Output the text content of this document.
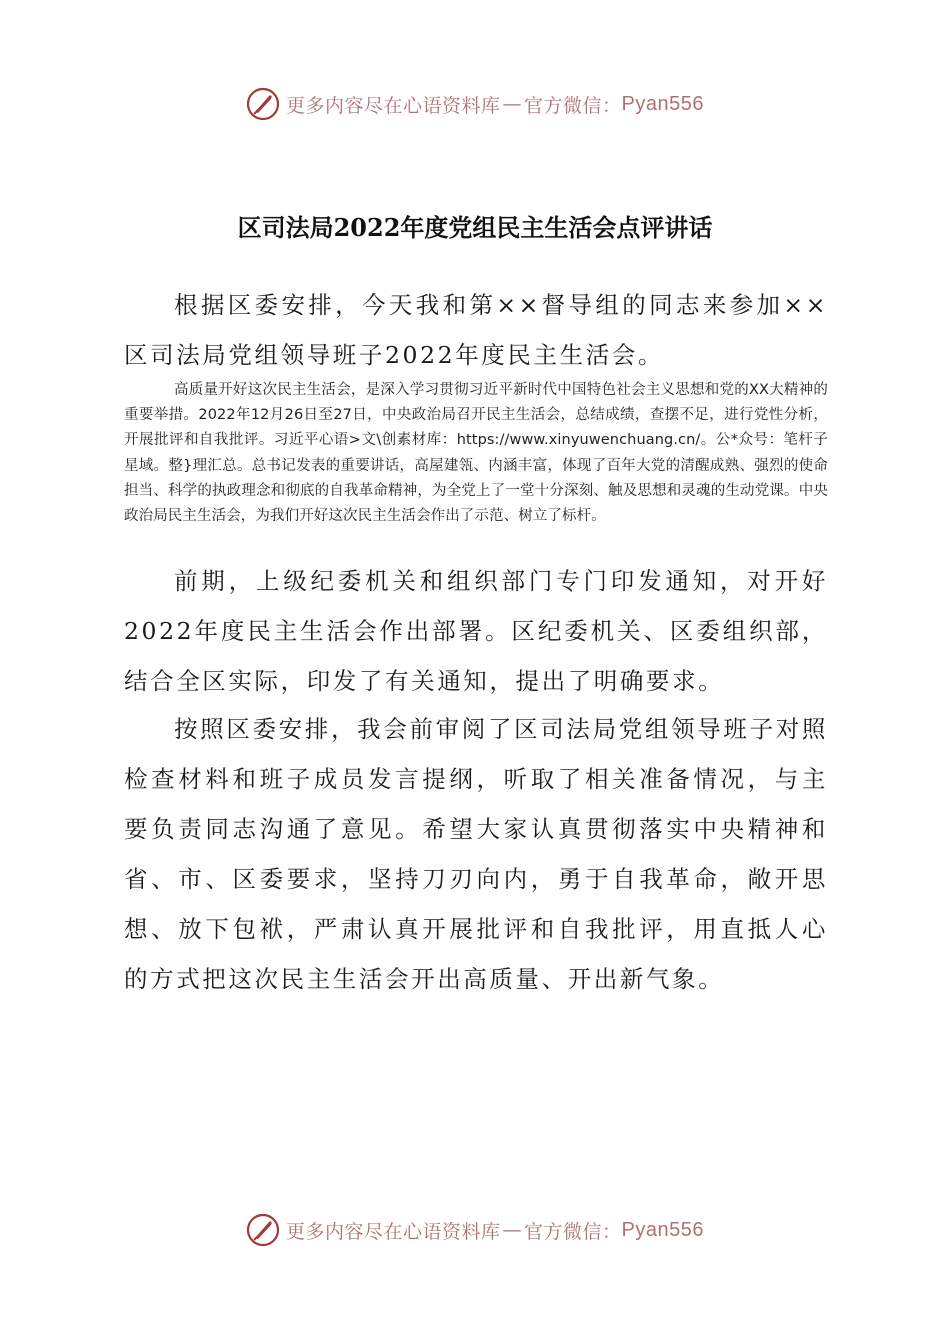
更多内容尽在心语资料库 — 官方微信： Pyan556
区司法局2022年度党组民主生活会点评讲话

根据区委安排，今天我和第××督导组的同志来参加××区司法局党组领导班子2022年度民主生活会。

高质量开好这次民主生活会，是深入学习贯彻习近平新时代中国特色社会主义思想和党的XX大精神的重要举措。2022年12月26日至27日，中央政治局召开民主生活会，总结成绩，查摆不足，进行党性分析，开展批评和自我批评。习近平心语>文\创素材库：https://www.xinyuwenchuang.cn/。公*众号：笔杆子星域。整}理汇总。总书记发表的重要讲话，高屋建瓴、内涵丰富，体现了百年大党的清醒成熟、强烈的使命担当、科学的执政理念和彻底的自我革命精神，为全党上了一堂十分深刻、触及思想和灵魂的生动党课。中央政治局民主生活会，为我们开好这次民主生活会作出了示范、树立了标杆。

前期，上级纪委机关和组织部门专门印发通知，对开好2022年度民主生活会作出部署。区纪委机关、区委组织部，结合全区实际，印发了有关通知，提出了明确要求。

按照区委安排，我会前审阅了区司法局党组领导班子对照检查材料和班子成员发言提纲，听取了相关准备情况，与主要负责同志沟通了意见。希望大家认真贯彻落实中央精神和省、市、区委要求，坚持刀刃向内，勇于自我革命，敞开思想、放下包袱，严肃认真开展批评和自我批评，用直抵人心的方式把这次民主生活会开出高质量、开出新气象。

更多内容尽在心语资料库 — 官方微信： Pyan556
